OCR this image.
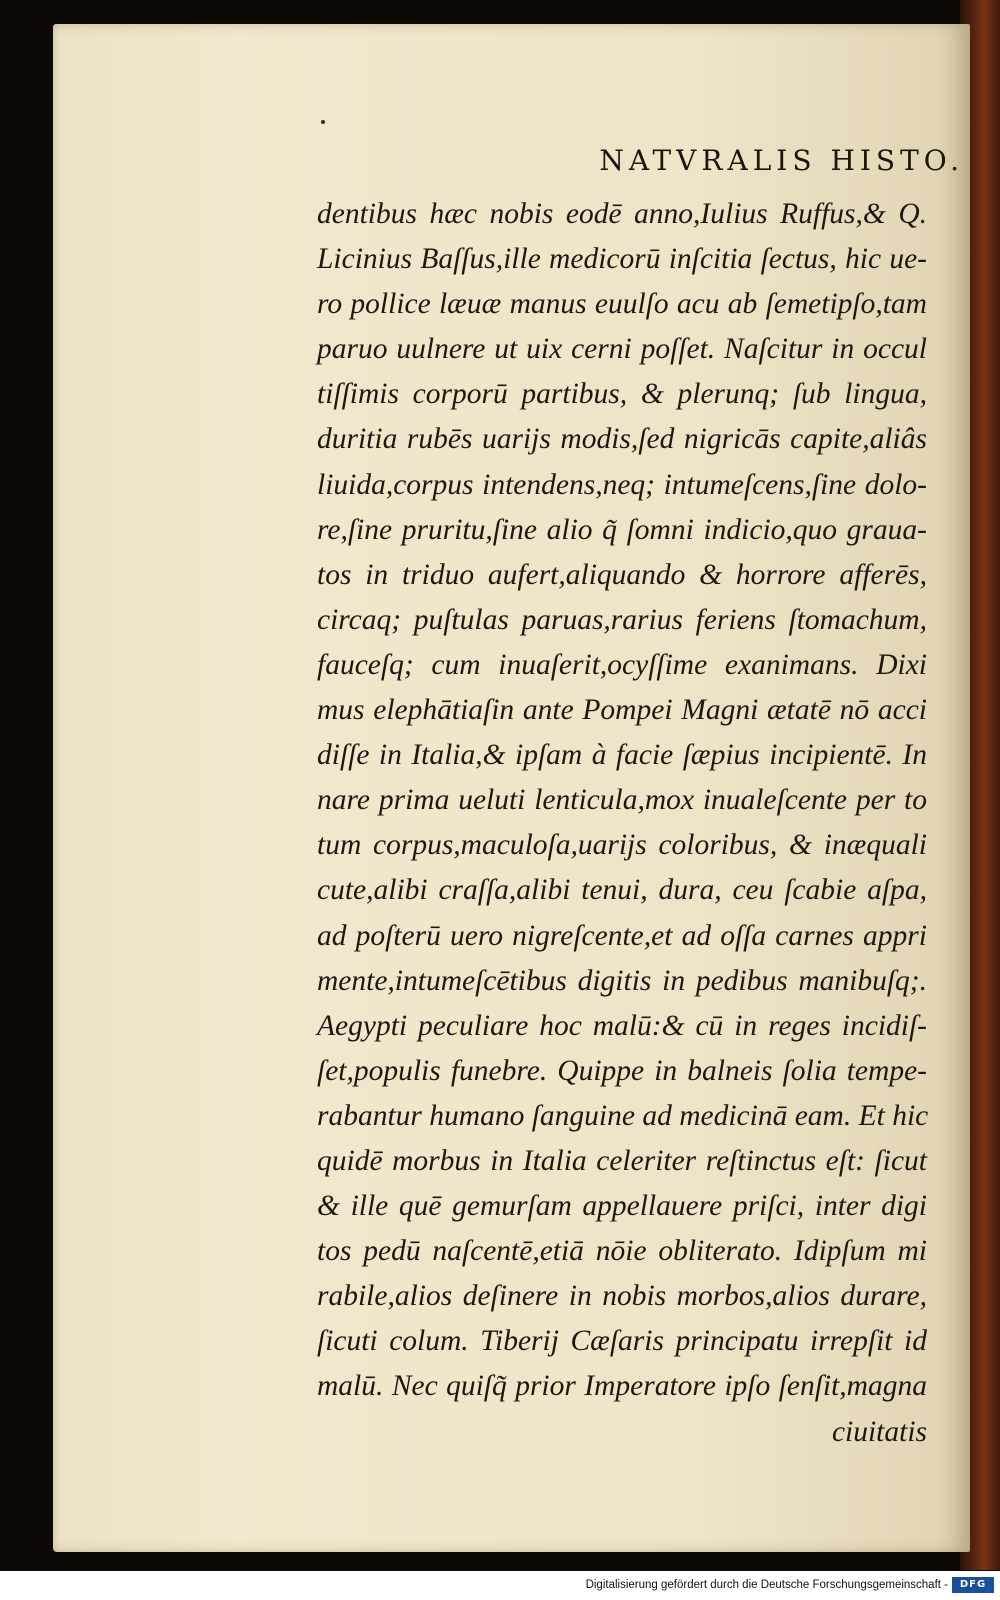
NATVRALIS HISTO.
dentibus hæc nobis eodē anno,Iulius Ruffus,& Q.
Licinius Baſſus,ille medicorū inſcitia ſectus, hic ue-
ro pollice læuæ manus euulſo acu ab ſemetipſo,tam
paruo uulnere ut uix cerni poſſet. Naſcitur in occul
tiſſimis corporū partibus, & plerunq; ſub lingua,
duritia rubēs uarijs modis,ſed nigricās capite,aliâs
liuida,corpus intendens,neq; intumeſcens,ſine dolo-
re,ſine pruritu,ſine alio q̃ ſomni indicio,quo graua-
tos in triduo aufert,aliquando & horrore afferēs,
circaq; puſtulas paruas,rarius feriens ſtomachum,
fauceſq; cum inuaſerit,ocyſſime exanimans. Dixi
mus elephātiaſin ante Pompei Magni ætatē nō acci
diſſe in Italia,& ipſam à facie ſæpius incipientē. In
nare prima ueluti lenticula,mox inualeſcente per to
tum corpus,maculoſa,uarijs coloribus, & inæquali
cute,alibi craſſa,alibi tenui, dura, ceu ſcabie aſpa,
ad poſterū uero nigreſcente,et ad oſſa carnes appri
mente,intumeſcētibus digitis in pedibus manibuſq;.
Aegypti peculiare hoc malū:& cū in reges incidiſ-
ſet,populis funebre. Quippe in balneis ſolia tempe-
rabantur humano ſanguine ad medicinā eam. Et hic
quidē morbus in Italia celeriter reſtinctus eſt: ſicut
& ille quē gemurſam appellauere priſci, inter digi
tos pedū naſcentē,etiā nōie obliterato. Idipſum mi
rabile,alios deſinere in nobis morbos,alios durare,
ſicuti colum. Tiberij Cæſaris principatu irrepſit id
malū. Nec quiſq̃ prior Imperatore ipſo ſenſit,magna
ciuitatis
Digitalisierung gefördert durch die Deutsche Forschungsgemeinschaft -	DFG
